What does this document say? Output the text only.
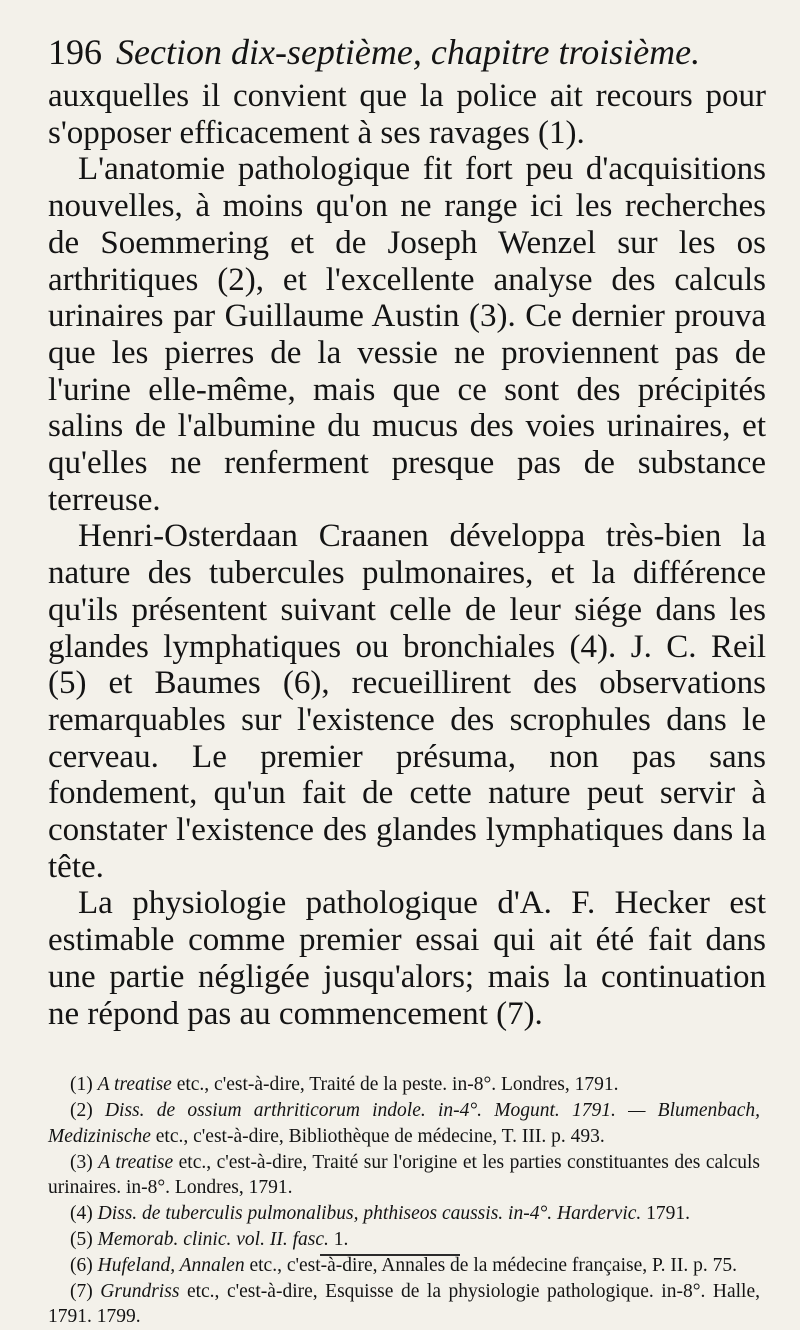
196 Section dix-septième, chapitre troisième.

auxquelles il convient que la police ait recours pour s'opposer efficacement à ses ravages (1).

L'anatomie pathologique fit fort peu d'acquisitions nouvelles, à moins qu'on ne range ici les recherches de Soemmering et de Joseph Wenzel sur les os arthritiques (2), et l'excellente analyse des calculs urinaires par Guillaume Austin (3). Ce dernier prouva que les pierres de la vessie ne proviennent pas de l'urine elle-même, mais que ce sont des précipités salins de l'albumine du mucus des voies urinaires, et qu'elles ne renferment presque pas de substance terreuse.

Henri-Osterdaan Craanen développa très-bien la nature des tubercules pulmonaires, et la différence qu'ils présentent suivant celle de leur siége dans les glandes lymphatiques ou bronchiales (4). J. C. Reil (5) et Baumes (6), recueillirent des observations remarquables sur l'existence des scrophules dans le cerveau. Le premier présuma, non pas sans fondement, qu'un fait de cette nature peut servir à constater l'existence des glandes lymphatiques dans la tête.

La physiologie pathologique d'A. F. Hecker est estimable comme premier essai qui ait été fait dans une partie négligée jusqu'alors; mais la continuation ne répond pas au commencement (7).

(1) A treatise etc., c'est-à-dire, Traité de la peste. in-8°. Londres, 1791.

(2) Diss. de ossium arthriticorum indole. in-4°. Mogunt. 1791. — Blumenbach, Medizinische etc., c'est-à-dire, Bibliothèque de médecine, T. III. p. 493.

(3) A treatise etc., c'est-à-dire, Traité sur l'origine et les parties constituantes des calculs urinaires. in-8°. Londres, 1791.

(4) Diss. de tuberculis pulmonalibus, phthiseos caussis. in-4°. Hardervic. 1791.

(5) Memorab. clinic. vol. II. fasc. 1.

(6) Hufeland, Annalen etc., c'est-à-dire, Annales de la médecine française, P. II. p. 75.

(7) Grundriss etc., c'est-à-dire, Esquisse de la physiologie pathologique. in-8°. Halle, 1791. 1799.
